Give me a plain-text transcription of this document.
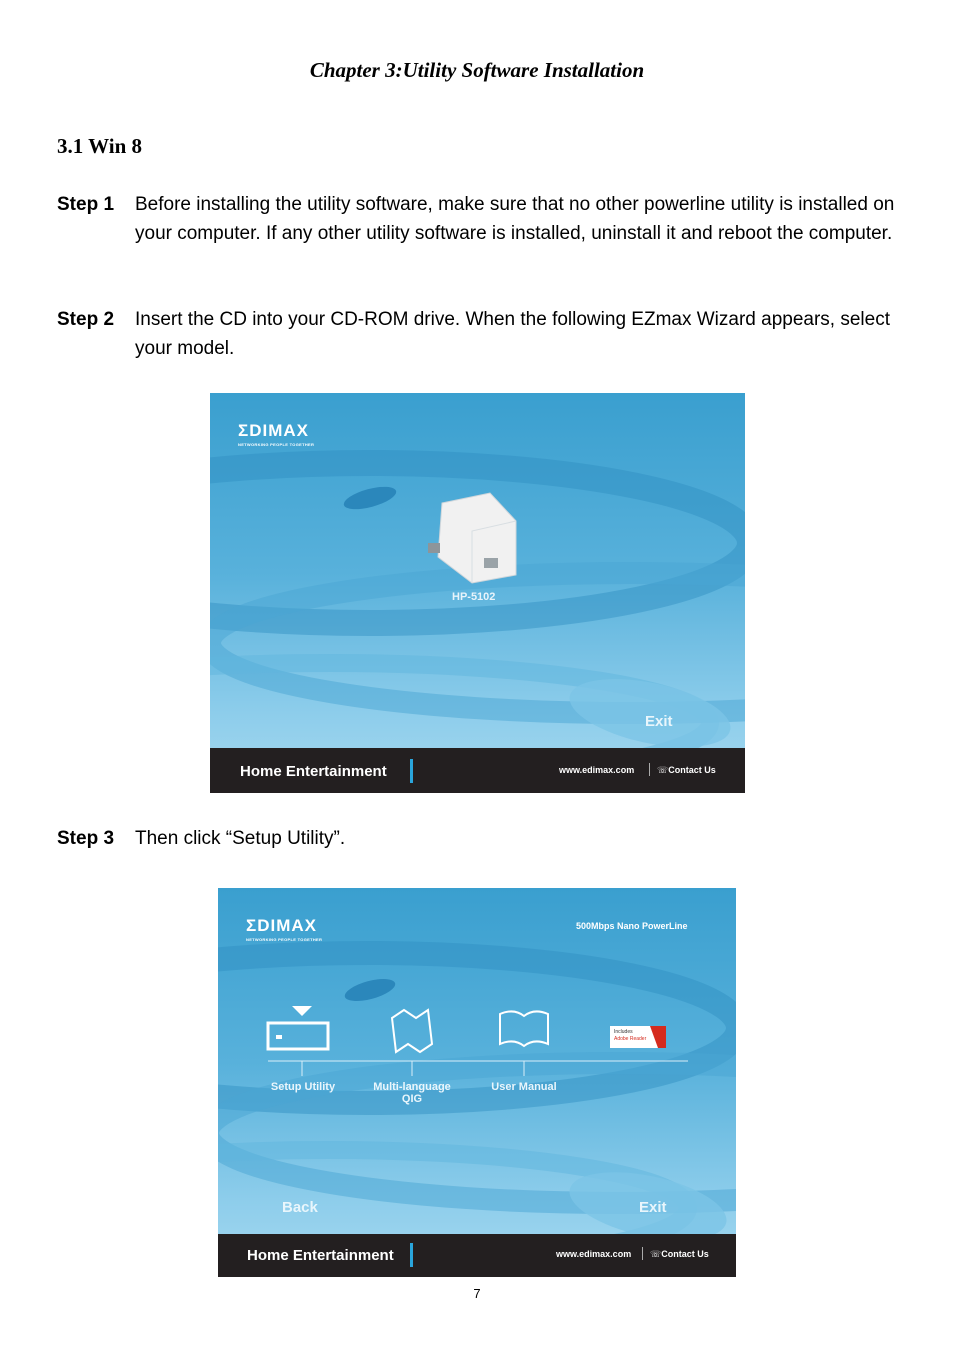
Chapter 3:Utility Software Installation
3.1 Win 8
Step 1 Before installing the utility software, make sure that no other powerline utility is installed on your computer. If any other utility software is installed, uninstall it and reboot the computer.
Step 2 Insert the CD into your CD-ROM drive. When the following EZmax Wizard appears, select your model.
ΣDIMAX
NETWORKING PEOPLE TOGETHER
HP-5102
Exit
Home Entertainment	www.edimax.com	☏Contact Us
Step 3 Then click “Setup Utility”.
ΣDIMAX
NETWORKING PEOPLE TOGETHER
500Mbps Nano PowerLine
Includes
Adobe Reader
Setup Utility	Multi-language QIG
User Manual
Back	Exit
Home Entertainment	www.edimax.com ☏Contact Us
7
